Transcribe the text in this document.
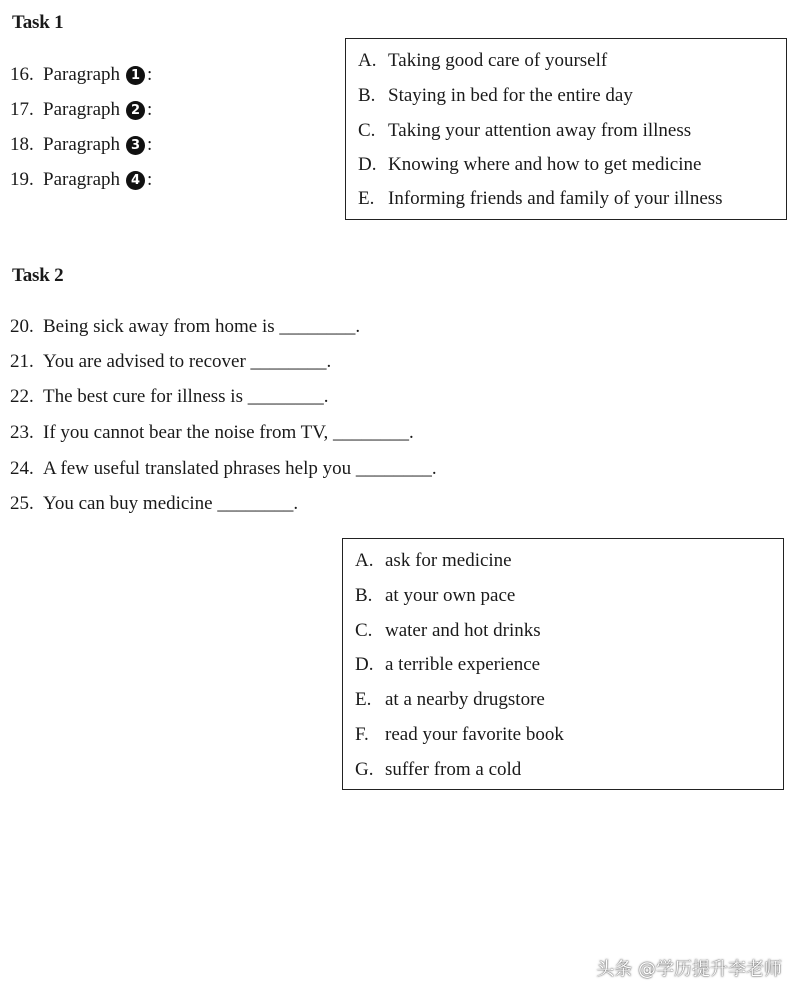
Task 1
16. Paragraph 1 :
17. Paragraph 2 :
18. Paragraph 3 :
19. Paragraph 4 :
A. Taking good care of yourself
B. Staying in bed for the entire day
C. Taking your attention away from illness
D. Knowing where and how to get medicine
E. Informing friends and family of your illness
Task 2
20. Being sick away from home is ________.
21. You are advised to recover ________.
22. The best cure for illness is ________.
23. If you cannot bear the noise from TV, ________.
24. A few useful translated phrases help you ________.
25. You can buy medicine ________.
A. ask for medicine
B. at your own pace
C. water and hot drinks
D. a terrible experience
E. at a nearby drugstore
F. read your favorite book
G. suffer from a cold
头条 @学历提升李老师
